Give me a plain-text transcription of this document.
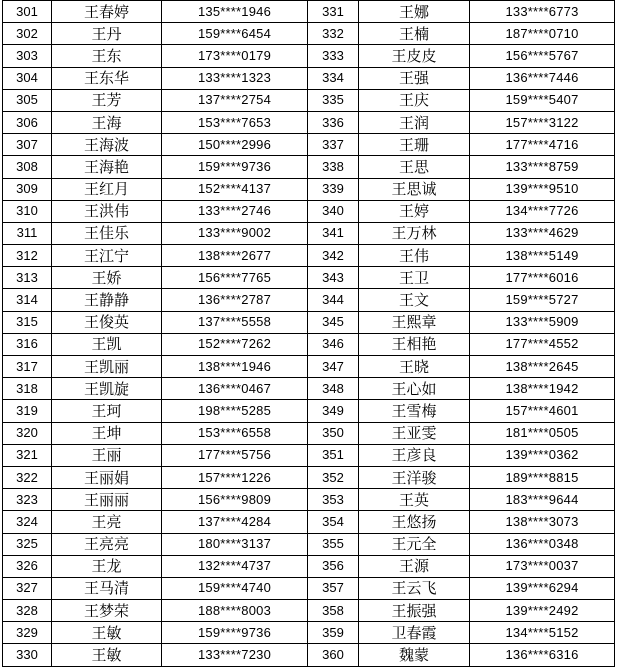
301	王春婷	135****1946	331	王娜	133****6773
302	王丹	159****6454	332	王楠	187****0710
303	王东	173****0179	333	王皮皮	156****5767
304	王东华	133****1323	334	王强	136****7446
305	王芳	137****2754	335	王庆	159****5407
306	王海	153****7653	336	王润	157****3122
307	王海波	150****2996	337	王珊	177****4716
308	王海艳	159****9736	338	王思	133****8759
309	王红月	152****4137	339	王思诚	139****9510
310	王洪伟	133****2746	340	王婷	134****7726
311	王佳乐	133****9002	341	王万林	133****4629
312	王江宁	138****2677	342	王伟	138****5149
313	王娇	156****7765	343	王卫	177****6016
314	王静静	136****2787	344	王文	159****5727
315	王俊英	137****5558	345	王熙章	133****5909
316	王凯	152****7262	346	王相艳	177****4552
317	王凯丽	138****1946	347	王晓	138****2645
318	王凯旋	136****0467	348	王心如	138****1942
319	王珂	198****5285	349	王雪梅	157****4601
320	王坤	153****6558	350	王亚雯	181****0505
321	王丽	177****5756	351	王彦良	139****0362
322	王丽娟	157****1226	352	王洋骏	189****8815
323	王丽丽	156****9809	353	王英	183****9644
324	王亮	137****4284	354	王悠扬	138****3073
325	王亮亮	180****3137	355	王元全	136****0348
326	王龙	132****4737	356	王源	173****0037
327	王马清	159****4740	357	王云飞	139****6294
328	王梦荣	188****8003	358	王振强	139****2492
329	王敏	159****9736	359	卫春霞	134****5152
330	王敏	133****7230	360	魏蒙	136****6316
